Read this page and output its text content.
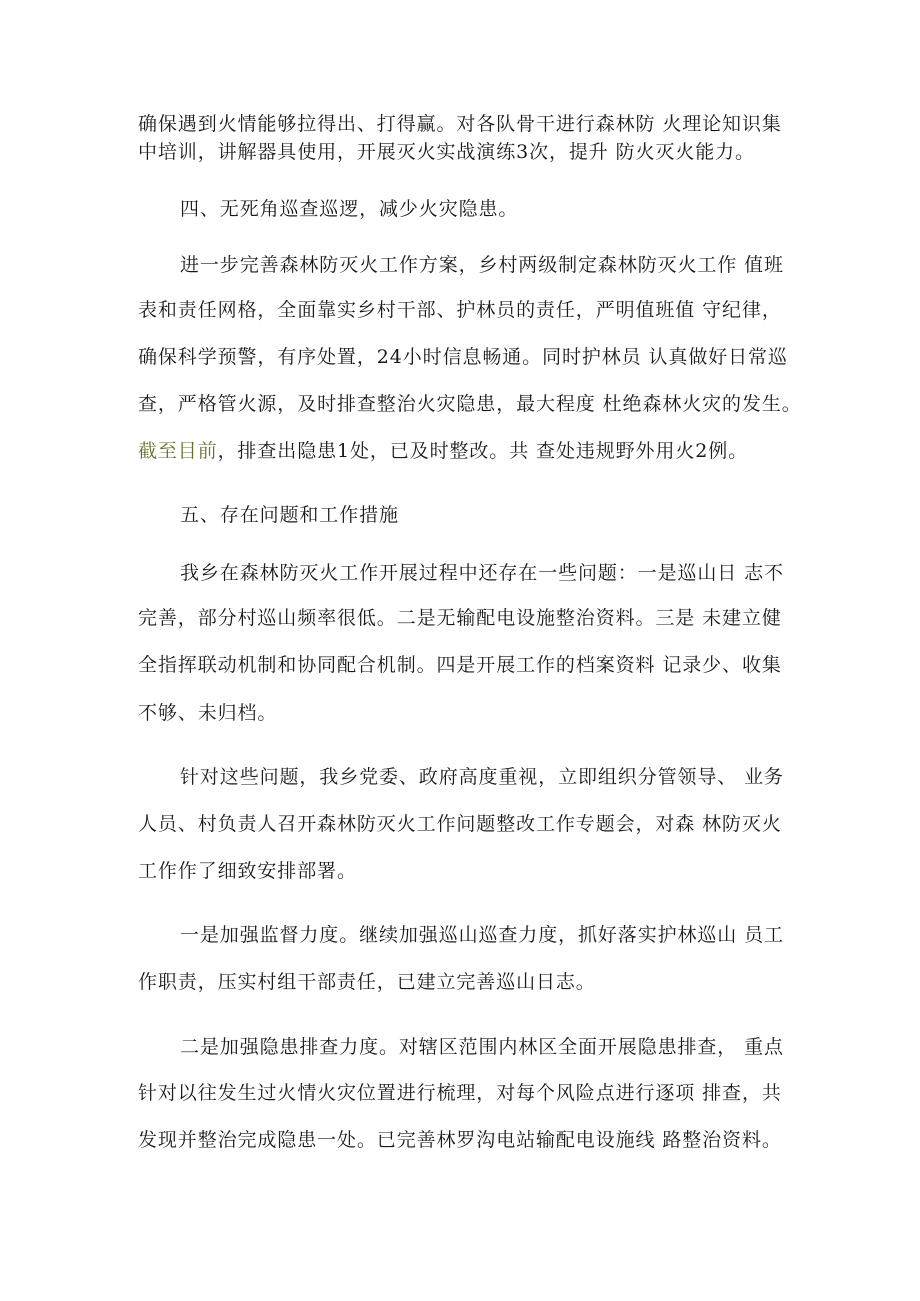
确保遇到火情能够拉得出、打得赢。对各队骨干进行森林防 火理论知识集
中培训，讲解器具使用，开展灭火实战演练3次，提升 防火灭火能力。
四、无死角巡查巡逻，减少火灾隐患。
进一步完善森林防灭火工作方案，乡村两级制定森林防灭火工作 值班
表和责任网格，全面靠实乡村干部、护林员的责任，严明值班值 守纪律，
确保科学预警，有序处置，24小时信息畅通。同时护林员 认真做好日常巡
查，严格管火源，及时排查整治火灾隐患，最大程度 杜绝森林火灾的发生。
截至目前，排查出隐患1处，已及时整改。共 查处违规野外用火2例。
五、存在问题和工作措施
我乡在森林防灭火工作开展过程中还存在一些问题：一是巡山日 志不
完善，部分村巡山频率很低。二是无输配电设施整治资料。三是 未建立健
全指挥联动机制和协同配合机制。四是开展工作的档案资料 记录少、收集
不够、未归档。
针对这些问题，我乡党委、政府高度重视，立即组织分管领导、 业务
人员、村负责人召开森林防灭火工作问题整改工作专题会，对森 林防灭火
工作作了细致安排部署。
一是加强监督力度。继续加强巡山巡查力度，抓好落实护林巡山 员工
作职责，压实村组干部责任，已建立完善巡山日志。
二是加强隐患排查力度。对辖区范围内林区全面开展隐患排查， 重点
针对以往发生过火情火灾位置进行梳理，对每个风险点进行逐项 排查，共
发现并整治完成隐患一处。已完善林罗沟电站输配电设施线 路整治资料。
